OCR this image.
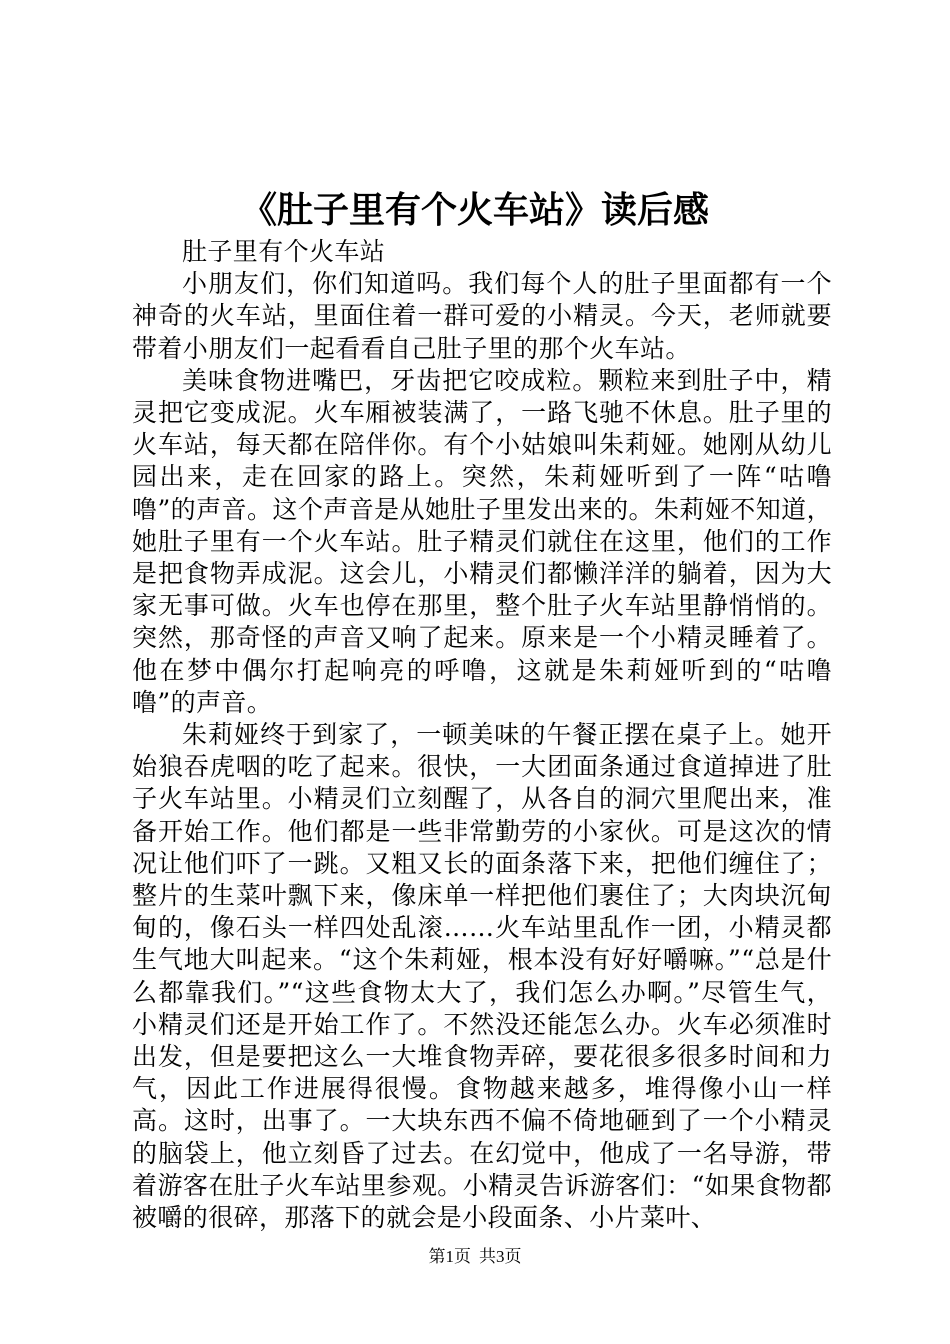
《肚子里有个火车站》读后感

肚子里有个火车站

小朋友们，你们知道吗。我们每个人的肚子里面都有一个神奇的火车站，里面住着一群可爱的小精灵。今天，老师就要带着小朋友们一起看看自己肚子里的那个火车站。

美味食物进嘴巴，牙齿把它咬成粒。颗粒来到肚子中，精灵把它变成泥。火车厢被装满了，一路飞驰不休息。肚子里的火车站，每天都在陪伴你。有个小姑娘叫朱莉娅。她刚从幼儿园出来，走在回家的路上。突然，朱莉娅听到了一阵“咕噜噜”的声音。这个声音是从她肚子里发出来的。朱莉娅不知道，她肚子里有一个火车站。肚子精灵们就住在这里，他们的工作是把食物弄成泥。这会儿，小精灵们都懒洋洋的躺着，因为大家无事可做。火车也停在那里，整个肚子火车站里静悄悄的。突然，那奇怪的声音又响了起来。原来是一个小精灵睡着了。他在梦中偶尔打起响亮的呼噜，这就是朱莉娅听到的“咕噜噜”的声音。

朱莉娅终于到家了，一顿美味的午餐正摆在桌子上。她开始狼吞虎咽的吃了起来。很快，一大团面条通过食道掉进了肚子火车站里。小精灵们立刻醒了，从各自的洞穴里爬出来，准备开始工作。他们都是一些非常勤劳的小家伙。可是这次的情况让他们吓了一跳。又粗又长的面条落下来，把他们缠住了；整片的生菜叶飘下来，像床单一样把他们裹住了；大肉块沉甸甸的，像石头一样四处乱滚……火车站里乱作一团，小精灵都生气地大叫起来。“这个朱莉娅，根本没有好好嚼嘛。”“总是什么都靠我们。”“这些食物太大了，我们怎么办啊。”尽管生气，小精灵们还是开始工作了。不然没还能怎么办。火车必须准时出发，但是要把这么一大堆食物弄碎，要花很多很多时间和力气，因此工作进展得很慢。食物越来越多，堆得像小山一样高。这时，出事了。一大块东西不偏不倚地砸到了一个小精灵的脑袋上，他立刻昏了过去。在幻觉中，他成了一名导游，带着游客在肚子火车站里参观。小精灵告诉游客们：“如果食物都被嚼的很碎，那落下的就会是小段面条、小片菜叶、

第1页 共3页
